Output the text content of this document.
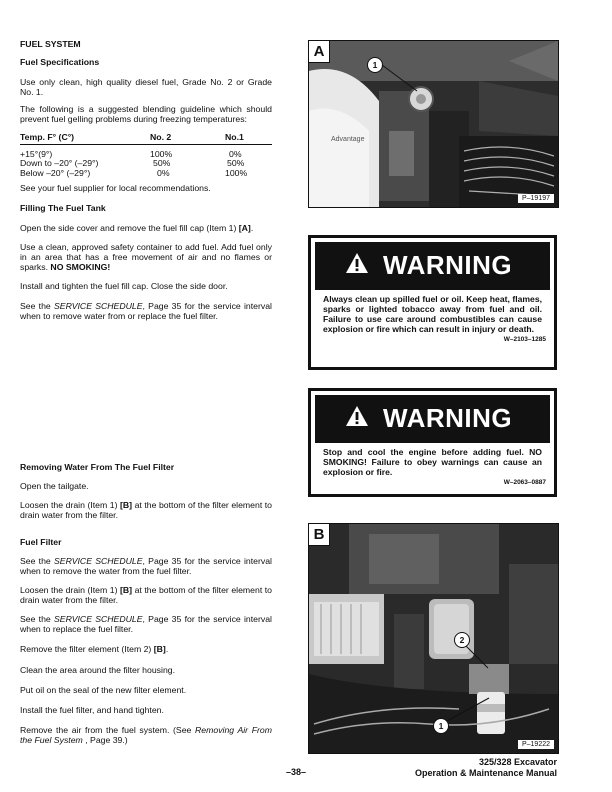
FUEL SYSTEM
Fuel Specifications

Use only clean, high quality diesel fuel, Grade No. 2 or Grade No. 1.

The following is a suggested blending guideline which should prevent fuel gelling problems during freezing temperatures:

Temp. F° (C°)	No. 2	No.1

+15°(9°)	100%	0%
Down to –20° (–29°)	50%	50%
Below –20° (–29°)	0%	100%

See your fuel supplier for local recommendations.

Filling The Fuel Tank

Open the side cover and remove the fuel fill cap (Item 1) [A].

Use a clean, approved safety container to add fuel. Add fuel only in an area that has a free movement of air and no flames or sparks. NO SMOKING!

Install and tighten the fuel fill cap. Close the side door.

See the SERVICE SCHEDULE, Page 35 for the service interval when to remove water from or replace the fuel filter.

Removing Water From The Fuel Filter

Open the tailgate.

Loosen the drain (Item 1) [B] at the bottom of the filter element to drain water from the filter.

Fuel Filter

See the SERVICE SCHEDULE, Page 35 for the service interval when to remove the water from the fuel filter.

Loosen the drain (Item 1) [B] at the bottom of the filter element to drain water from the filter.

See the SERVICE SCHEDULE, Page 35 for the service interval when to replace the fuel filter.

Remove the filter element (Item 2) [B].

Clean the area around the filter housing.

Put oil on the seal of the new filter element.

Install the fuel filter, and hand tighten.

Remove the air from the fuel system. (See Removing Air From the Fuel System , Page 39.)

Advantage
A
1
P–19197
WARNING
Always clean up spilled fuel or oil. Keep heat, flames, sparks or lighted tobacco away from fuel and oil. Failure to use care around combustibles can cause explosion or fire which can result in injury or death.
W–2103–1285
WARNING
Stop and cool the engine before adding fuel. NO SMOKING! Failure to obey warnings can cause an explosion or fire.
W–2063–0887
B
2
1
P–19222
–38–
325/328 Excavator
Operation & Maintenance Manual
